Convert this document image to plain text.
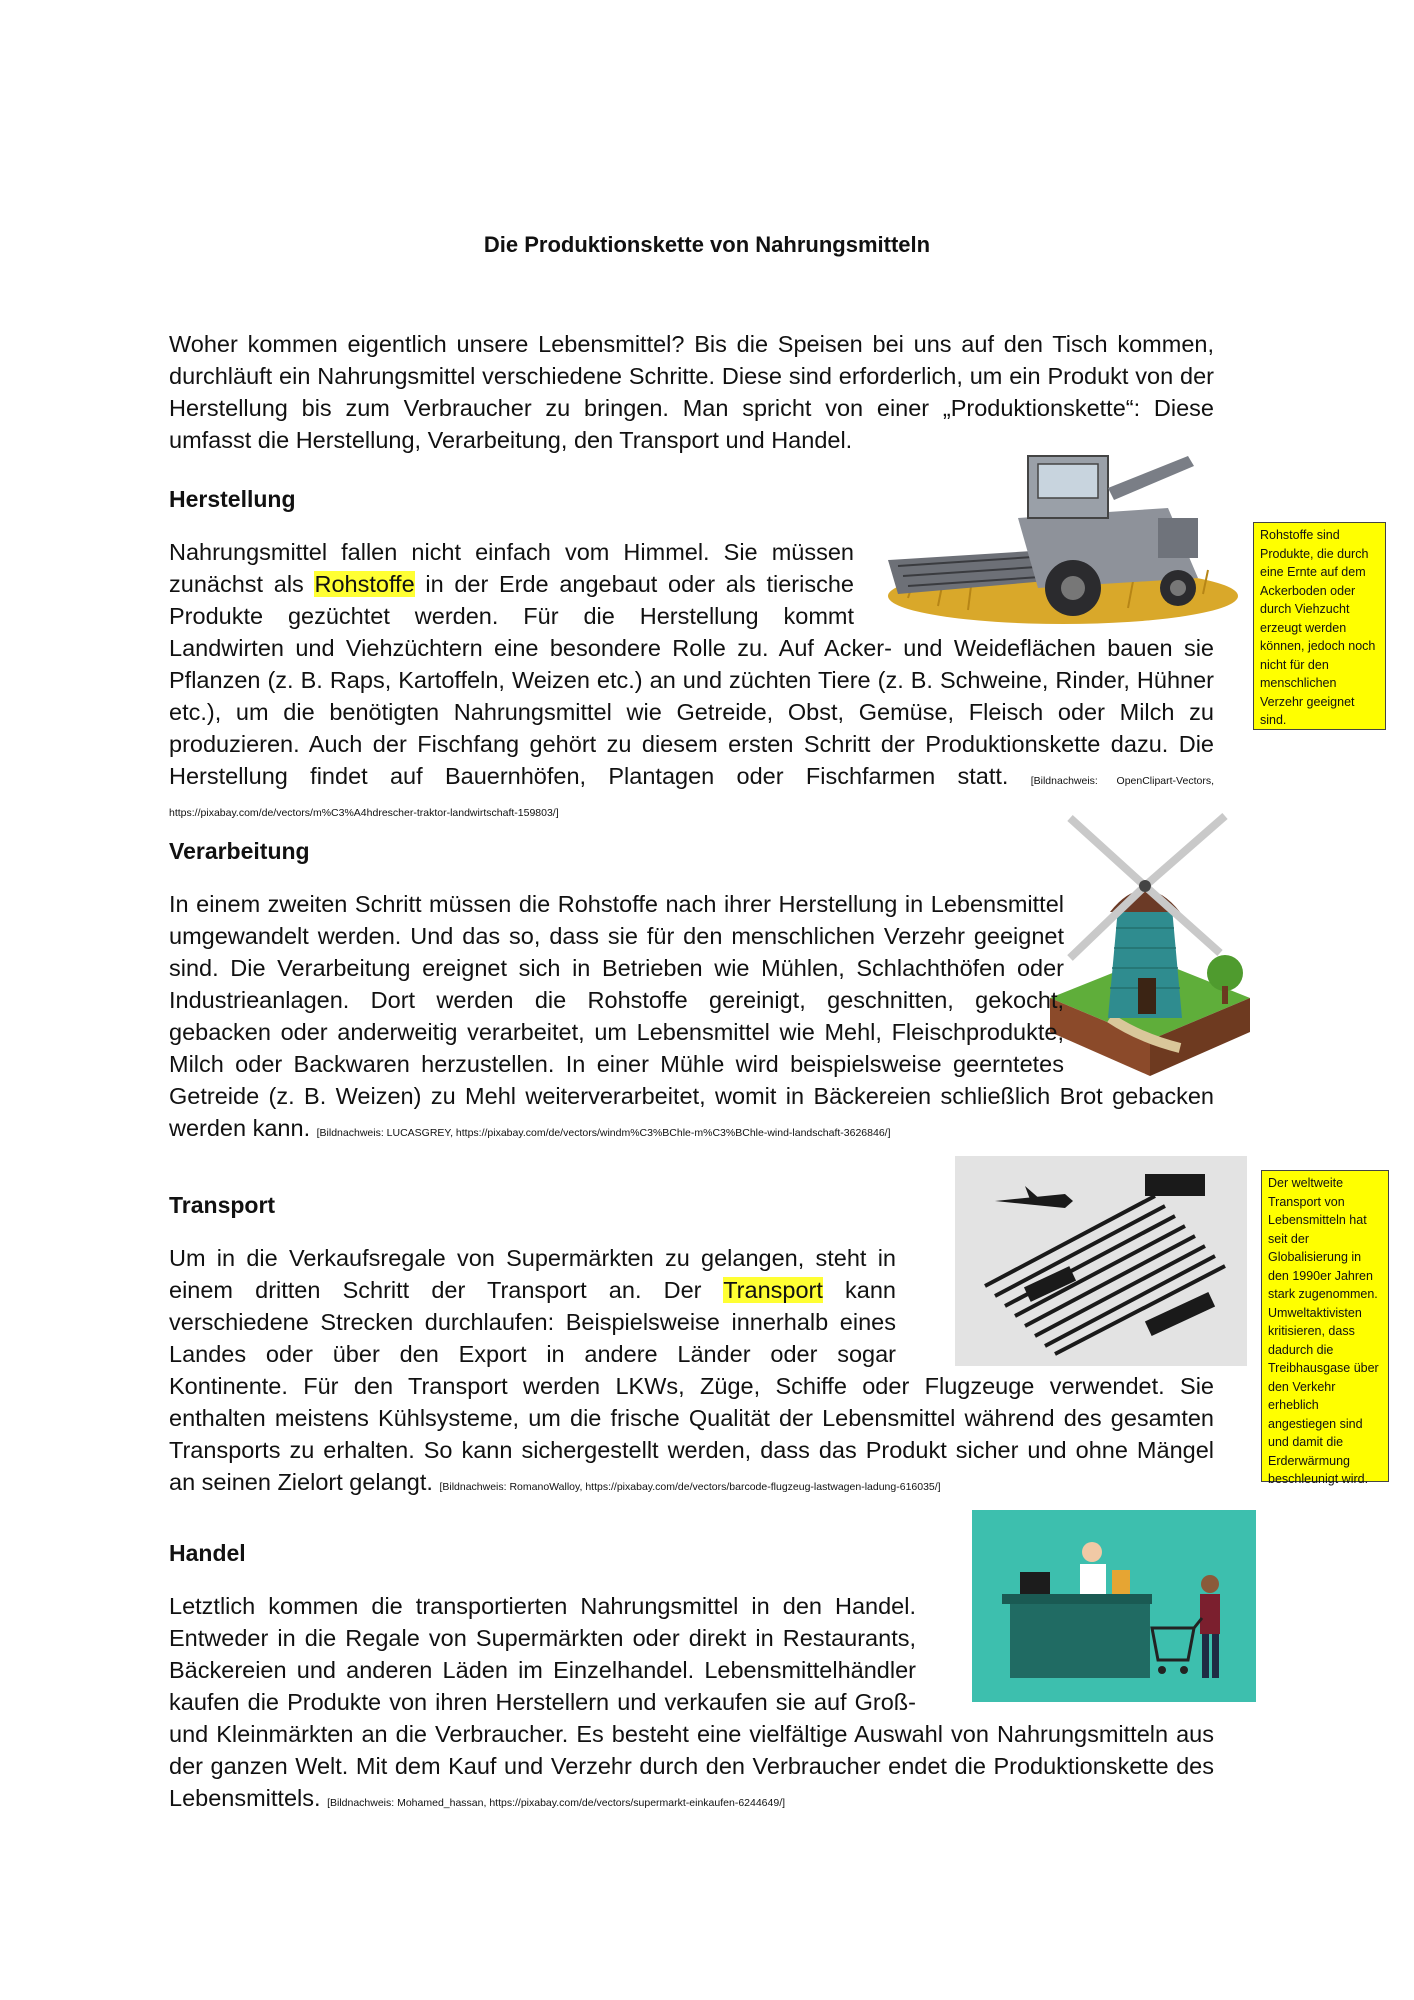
Die Produktionskette von Nahrungsmitteln
Woher kommen eigentlich unsere Lebensmittel? Bis die Speisen bei uns auf den Tisch kommen, durchläuft ein Nahrungsmittel verschiedene Schritte. Diese sind erforderlich, um ein Produkt von der Herstellung bis zum Verbraucher zu bringen. Man spricht von einer „Produktionskette“: Diese umfasst die Herstellung, Verarbeitung, den Transport und Handel.
Herstellung
Rohstoffe sind Produkte, die durch eine Ernte auf dem Ackerboden oder durch Viehzucht erzeugt werden können, jedoch noch nicht für den menschlichen Verzehr geeignet sind.
Verarbeitung
Transport
Der weltweite Transport von Lebensmitteln hat seit der Globalisierung in den 1990er Jahren stark zugenommen. Umweltaktivisten kritisieren, dass dadurch die Treibhausgase über den Verkehr erheblich angestiegen sind und damit die Erderwärmung beschleunigt wird.
Handel
Nahrungsmittel fallen nicht einfach vom Himmel. Sie müssen zunächst als Rohstoffe in der Erde angebaut oder als tierische Produkte gezüchtet werden. Für die Herstellung kommt Landwirten und Viehzüchtern eine besondere Rolle zu. Auf Acker- und Weideflächen bauen sie Pflanzen (z. B. Raps, Kartoffeln, Weizen etc.) an und züchten Tiere (z. B. Schweine, Rinder, Hühner etc.), um die benötigten Nahrungsmittel wie Getreide, Obst, Gemüse, Fleisch oder Milch zu produzieren. Auch der Fischfang gehört zu diesem ersten Schritt der Produktionskette dazu. Die Herstellung findet auf Bauernhöfen, Plantagen oder Fischfarmen statt. [Bildnachweis: OpenClipart-Vectors, https://pixabay.com/de/vectors/m%C3%A4hdrescher-traktor-landwirtschaft-159803/]
In einem zweiten Schritt müssen die Rohstoffe nach ihrer Herstellung in Lebensmittel umgewandelt werden. Und das so, dass sie für den menschlichen Verzehr geeignet sind. Die Verarbeitung ereignet sich in Betrieben wie Mühlen, Schlachthöfen oder Industrieanlagen. Dort werden die Rohstoffe gereinigt, geschnitten, gekocht, gebacken oder anderweitig verarbeitet, um Lebensmittel wie Mehl, Fleischprodukte, Milch oder Backwaren herzustellen. In einer Mühle wird beispielsweise geerntetes Getreide (z. B. Weizen) zu Mehl weiterverarbeitet, womit in Bäckereien schließlich Brot gebacken werden kann. [Bildnachweis: LUCASGREY, https://pixabay.com/de/vectors/windm%C3%BChle-m%C3%BChle-wind-landschaft-3626846/]
Um in die Verkaufsregale von Supermärkten zu gelangen, steht in einem dritten Schritt der Transport an. Der Transport kann verschiedene Strecken durchlaufen: Beispielsweise innerhalb eines Landes oder über den Export in andere Länder oder sogar Kontinente. Für den Transport werden LKWs, Züge, Schiffe oder Flugzeuge verwendet. Sie enthalten meistens Kühlsysteme, um die frische Qualität der Lebensmittel während des gesamten Transports zu erhalten. So kann sichergestellt werden, dass das Produkt sicher und ohne Mängel an seinen Zielort gelangt. [Bildnachweis: RomanoWalloy, https://pixabay.com/de/vectors/barcode-flugzeug-lastwagen-ladung-616035/]
Letztlich kommen die transportierten Nahrungsmittel in den Handel. Entweder in die Regale von Supermärkten oder direkt in Restaurants, Bäckereien und anderen Läden im Einzelhandel. Lebensmittelhändler kaufen die Produkte von ihren Herstellern und verkaufen sie auf Groß- und Kleinmärkten an die Verbraucher. Es besteht eine vielfältige Auswahl von Nahrungsmitteln aus der ganzen Welt. Mit dem Kauf und Verzehr durch den Verbraucher endet die Produktionskette des Lebensmittels. [Bildnachweis: Mohamed_hassan, https://pixabay.com/de/vectors/supermarkt-einkaufen-6244649/]
